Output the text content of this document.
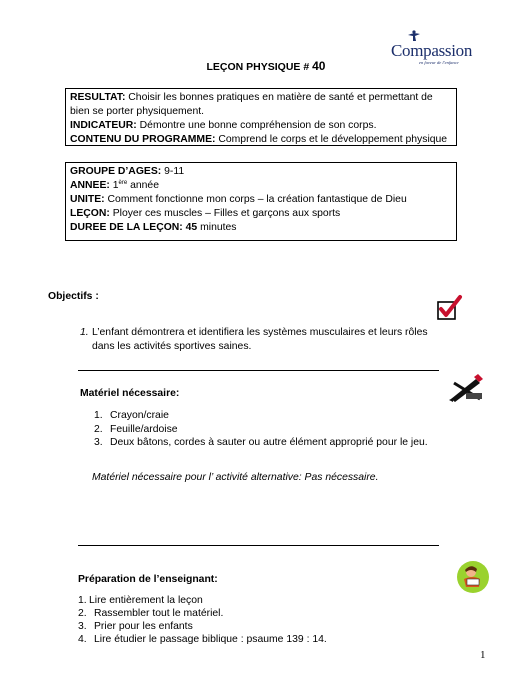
Compassion
en faveur de l'enfance
LEÇON PHYSIQUE # 40

RESULTAT: Choisir les bonnes pratiques en matière de santé et permettant de bien se porter physiquement.

INDICATEUR: Démontre une bonne compréhension de son corps.

CONTENU DU PROGRAMME: Comprend le corps et le développement physique

GROUPE D’AGES: 9-11

ANNEE: 1ère année

UNITE: Comment fonctionne mon corps – la création fantastique de Dieu

LEÇON: Ployer ces muscles – Filles et garçons aux sports

DUREE DE LA LEÇON: 45 minutes

Objectifs :
1. L’enfant démontrera et identifiera les systèmes musculaires et leurs rôles dans les activités sportives saines.
Matériel nécessaire:
1. Crayon/craie
2. Feuille/ardoise
3. Deux bâtons, cordes à sauter ou autre élément approprié pour le jeu.
Matériel nécessaire pour l’ activité alternative: Pas nécessaire.
Préparation de l’enseignant:
1. Lire entièrement la leçon
2. Rassembler tout le matériel.
3. Prier pour les enfants
4. Lire étudier le passage biblique : psaume 139 : 14.
1
